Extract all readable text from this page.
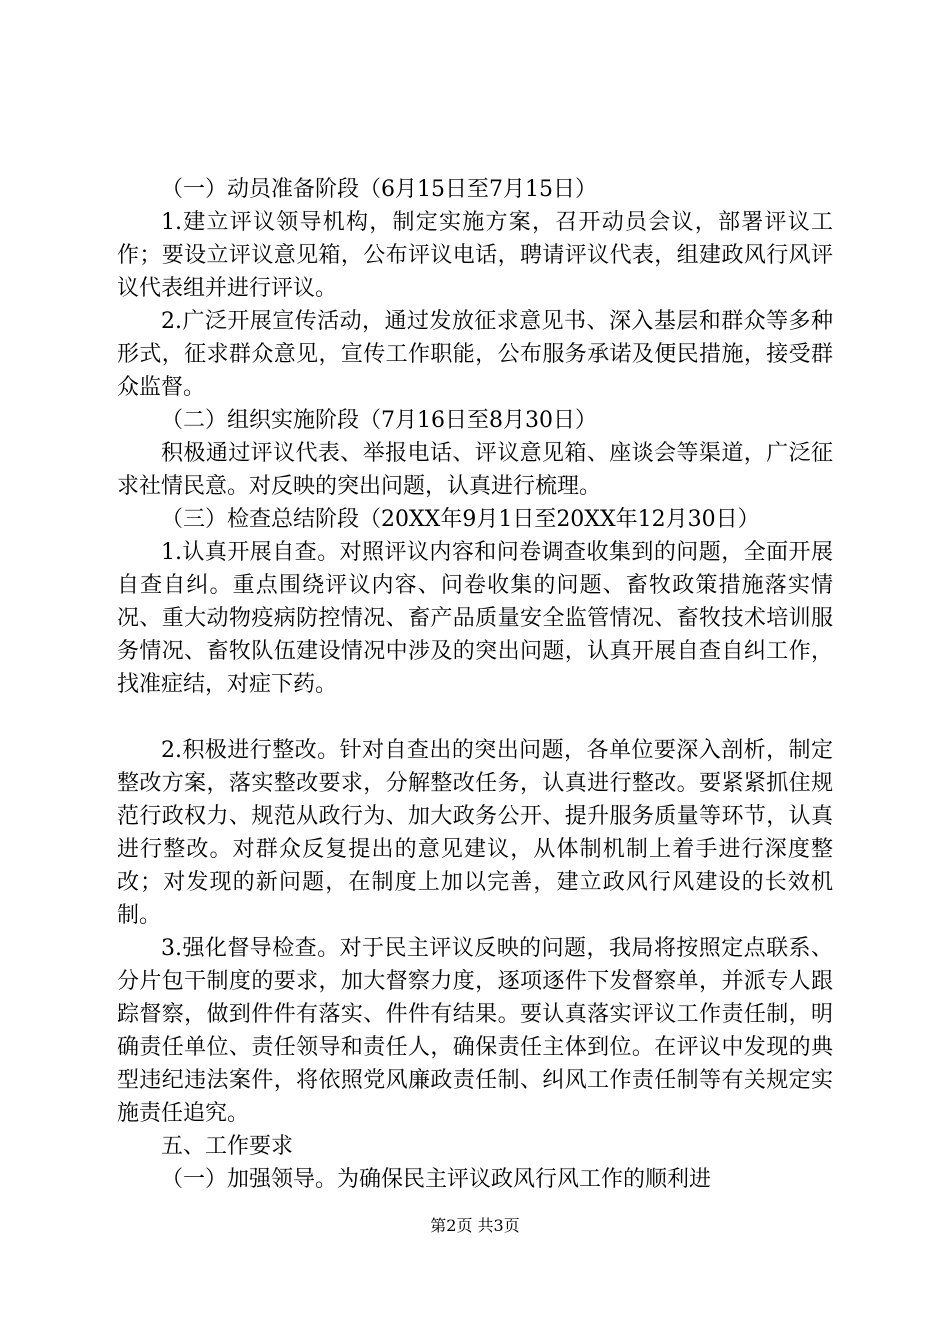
（一）动员准备阶段（6月15日至7月15日）

1.建立评议领导机构，制定实施方案，召开动员会议，部署评议工作；要设立评议意见箱，公布评议电话，聘请评议代表，组建政风行风评议代表组并进行评议。

2.广泛开展宣传活动，通过发放征求意见书、深入基层和群众等多种形式，征求群众意见，宣传工作职能，公布服务承诺及便民措施，接受群众监督。

（二）组织实施阶段（7月16日至8月30日）

积极通过评议代表、举报电话、评议意见箱、座谈会等渠道，广泛征求社情民意。对反映的突出问题，认真进行梳理。

（三）检查总结阶段（20XX年9月1日至20XX年12月30日）

1.认真开展自查。对照评议内容和问卷调查收集到的问题，全面开展自查自纠。重点围绕评议内容、问卷收集的问题、畜牧政策措施落实情况、重大动物疫病防控情况、畜产品质量安全监管情况、畜牧技术培训服务情况、畜牧队伍建设情况中涉及的突出问题，认真开展自查自纠工作，找准症结，对症下药。

2.积极进行整改。针对自查出的突出问题，各单位要深入剖析，制定整改方案，落实整改要求，分解整改任务，认真进行整改。要紧紧抓住规范行政权力、规范从政行为、加大政务公开、提升服务质量等环节，认真进行整改。对群众反复提出的意见建议，从体制机制上着手进行深度整改；对发现的新问题，在制度上加以完善，建立政风行风建设的长效机制。

3.强化督导检查。对于民主评议反映的问题，我局将按照定点联系、分片包干制度的要求，加大督察力度，逐项逐件下发督察单，并派专人跟踪督察，做到件件有落实、件件有结果。要认真落实评议工作责任制，明确责任单位、责任领导和责任人，确保责任主体到位。在评议中发现的典型违纪违法案件，将依照党风廉政责任制、纠风工作责任制等有关规定实施责任追究。

五、工作要求

（一）加强领导。为确保民主评议政风行风工作的顺利进

第2页 共3页
